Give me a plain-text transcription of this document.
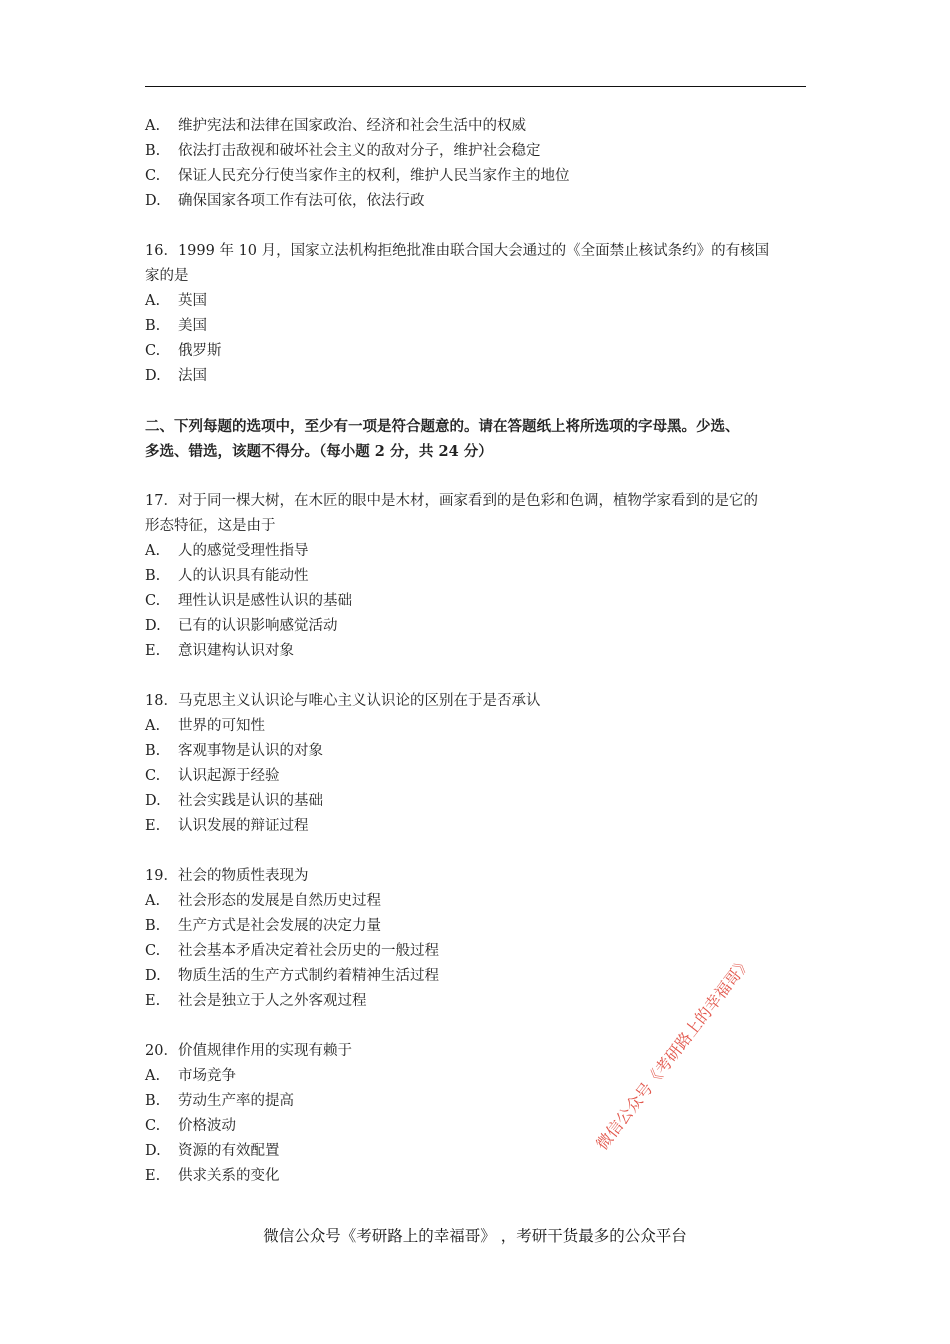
A. 维护宪法和法律在国家政治、经济和社会生活中的权威
B. 依法打击敌视和破坏社会主义的敌对分子，维护社会稳定
C. 保证人民充分行使当家作主的权利，维护人民当家作主的地位
D. 确保国家各项工作有法可依，依法行政
16．1999 年 10 月，国家立法机构拒绝批准由联合国大会通过的《全面禁止核试条约》的有核国
家的是
A. 英国
B. 美国
C. 俄罗斯
D. 法国
二、下列每题的选项中，至少有一项是符合题意的。请在答题纸上将所选项的字母黑。少选、
多选、错选，该题不得分。（每小题 2 分，共 24 分）
17．对于同一棵大树，在木匠的眼中是木材，画家看到的是色彩和色调，植物学家看到的是它的
形态特征，这是由于
A. 人的感觉受理性指导
B. 人的认识具有能动性
C. 理性认识是感性认识的基础
D. 已有的认识影响感觉活动
E. 意识建构认识对象
18．马克思主义认识论与唯心主义认识论的区别在于是否承认
A. 世界的可知性
B. 客观事物是认识的对象
C. 认识起源于经验
D. 社会实践是认识的基础
E. 认识发展的辩证过程
19．社会的物质性表现为
A. 社会形态的发展是自然历史过程
B. 生产方式是社会发展的决定力量
C. 社会基本矛盾决定着社会历史的一般过程
D. 物质生活的生产方式制约着精神生活过程
E. 社会是独立于人之外客观过程
20．价值规律作用的实现有赖于
A. 市场竞争
B. 劳动生产率的提高
C. 价格波动
D. 资源的有效配置
E. 供求关系的变化
微信公众号《考研路上的幸福哥》
微信公众号《考研路上的幸福哥》 ，考研干货最多的公众平台
